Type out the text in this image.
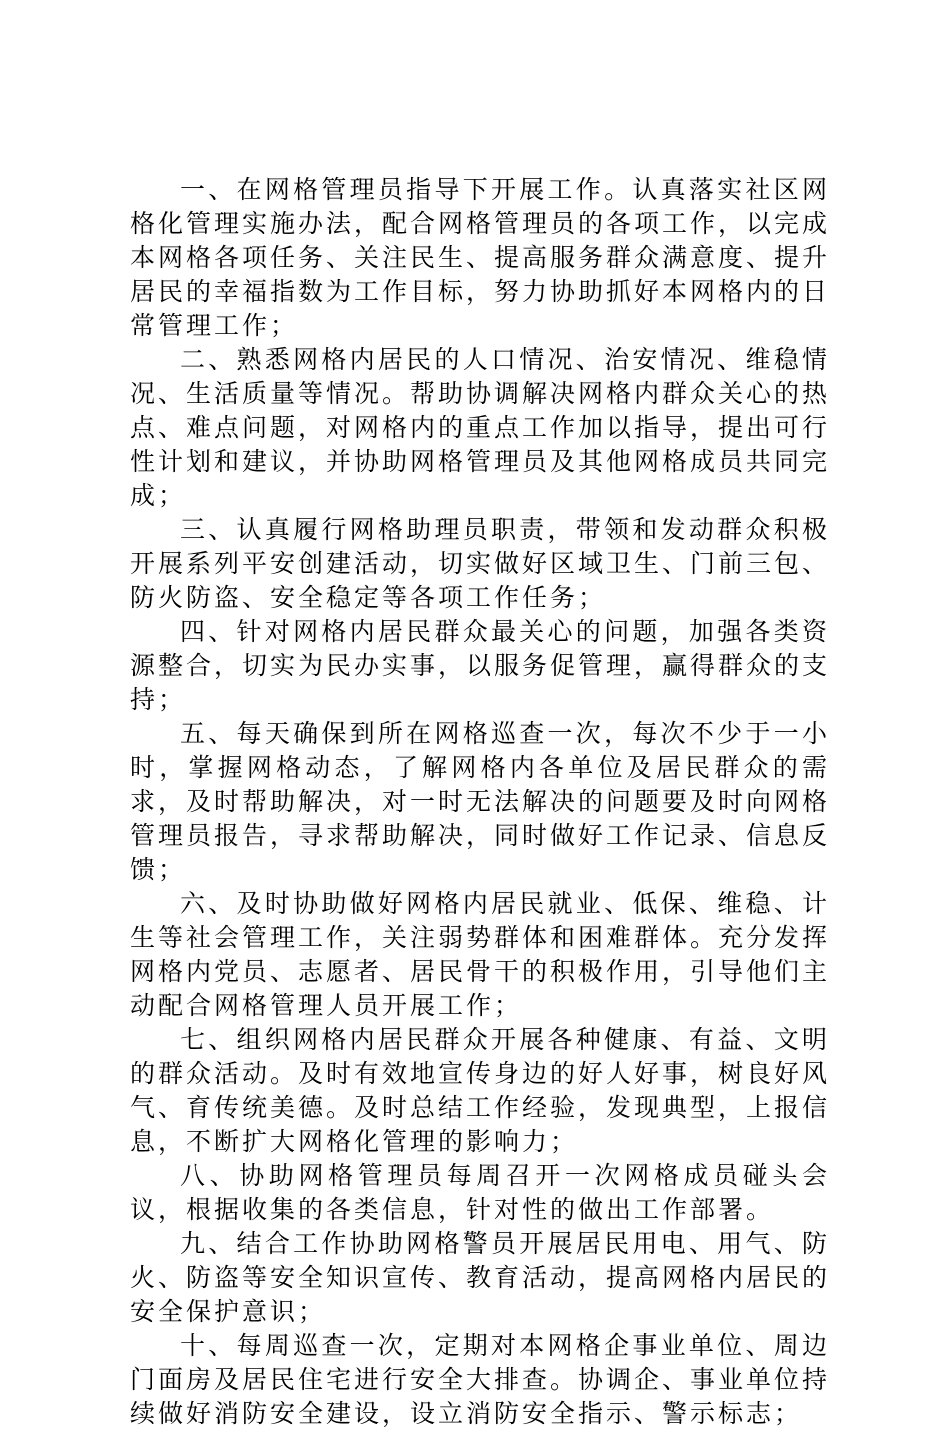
一、在网格管理员指导下开展工作。认真落实社区网格化管理实施办法，配合网格管理员的各项工作，以完成本网格各项任务、关注民生、提高服务群众满意度、提升居民的幸福指数为工作目标，努力协助抓好本网格内的日常管理工作；

二、熟悉网格内居民的人口情况、治安情况、维稳情况、生活质量等情况。帮助协调解决网格内群众关心的热点、难点问题，对网格内的重点工作加以指导，提出可行性计划和建议，并协助网格管理员及其他网格成员共同完成；

三、认真履行网格助理员职责，带领和发动群众积极开展系列平安创建活动，切实做好区域卫生、门前三包、防火防盗、安全稳定等各项工作任务；

四、针对网格内居民群众最关心的问题，加强各类资源整合，切实为民办实事，以服务促管理，赢得群众的支持；

五、每天确保到所在网格巡查一次，每次不少于一小时，掌握网格动态，了解网格内各单位及居民群众的需求，及时帮助解决，对一时无法解决的问题要及时向网格管理员报告，寻求帮助解决，同时做好工作记录、信息反馈；

六、及时协助做好网格内居民就业、低保、维稳、计生等社会管理工作，关注弱势群体和困难群体。充分发挥网格内党员、志愿者、居民骨干的积极作用，引导他们主动配合网格管理人员开展工作；

七、组织网格内居民群众开展各种健康、有益、文明的群众活动。及时有效地宣传身边的好人好事，树良好风气、育传统美德。及时总结工作经验，发现典型，上报信息，不断扩大网格化管理的影响力；

八、协助网格管理员每周召开一次网格成员碰头会议，根据收集的各类信息，针对性的做出工作部署。

九、结合工作协助网格警员开展居民用电、用气、防火、防盗等安全知识宣传、教育活动，提高网格内居民的安全保护意识；

十、每周巡查一次，定期对本网格企事业单位、周边门面房及居民住宅进行安全大排查。协调企、事业单位持续做好消防安全建设，设立消防安全指示、警示标志；
